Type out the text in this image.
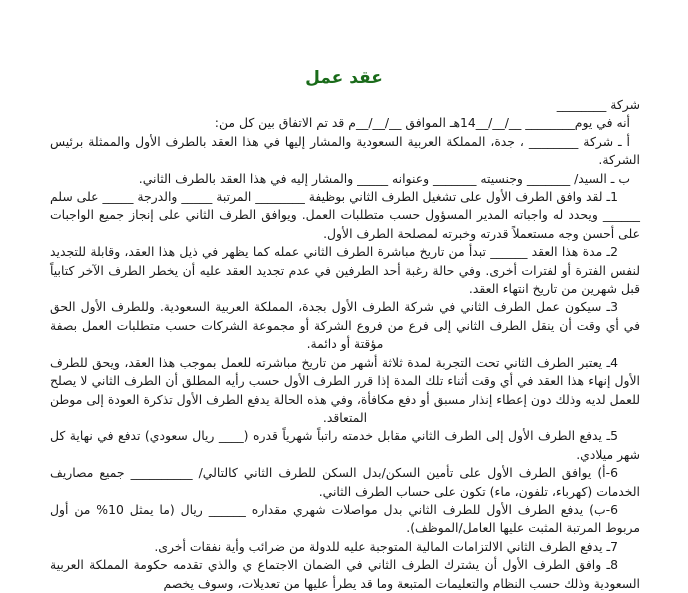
عقد عمل

شركة ________

أنه في يوم________ __/__/__14هـ الموافق __/__/__م قد تم الاتفاق بين كل من:

أ ـ شركة ________ ، جدة، المملكة العربية السعودية والمشار إليها في هذا العقد بالطرف الأول والممثلة برئيس الشركة.

ب ـ السيد/ _______ وجنسيته _______ وعنوانه _____ والمشار إليه في هذا العقد بالطرف الثاني.

1ـ لقد وافق الطرف الأول على تشغيل الطرف الثاني بوظيفة ________ المرتبة _____ والدرجة _____ على سلم ______ ويحدد له واجباته المدير المسؤول حسب متطلبات العمل. ويوافق الطرف الثاني على إنجاز جميع الواجبات على أحسن وجه مستعملاً قدرته وخبرته لمصلحة الطرف الأول.

2ـ مدة هذا العقد ______ تبدأ من تاريخ مباشرة الطرف الثاني عمله كما يظهر في ذيل هذا العقد، وقابلة للتجديد لنفس الفترة أو لفترات أخرى. وفي حالة رغبة أحد الطرفين في عدم تجديد العقد عليه أن يخطر الطرف الآخر كتابياً قبل شهرين من تاريخ انتهاء العقد.

3ـ سيكون عمل الطرف الثاني في شركة الطرف الأول بجدة، المملكة العربية السعودية. وللطرف الأول الحق في أي وقت أن ينقل الطرف الثاني إلى فرع من فروع الشركة أو مجموعة الشركات حسب متطلبات العمل بصفة مؤقتة أو دائمة.

4ـ يعتبر الطرف الثاني تحت التجربة لمدة ثلاثة أشهر من تاريخ مباشرته للعمل بموجب هذا العقد، ويحق للطرف الأول إنهاء هذا العقد في أي وقت أثناء تلك المدة إذا قرر الطرف الأول حسب رأيه المطلق أن الطرف الثاني لا يصلح للعمل لديه وذلك دون إعطاء إنذار مسبق أو دفع مكافأة، وفي هذه الحالة يدفع الطرف الأول تذكرة العودة إلى موطن المتعاقد.

5ـ يدفع الطرف الأول إلى الطرف الثاني مقابل خدمته راتباً شهرياً قدره (____ ريال سعودي) تدفع في نهاية كل شهر ميلادي.

6-أ) يوافق الطرف الأول على تأمين السكن/بدل السكن للطرف الثاني كالتالي/ __________ جميع مصاريف الخدمات (كهرباء، تلفون، ماء) تكون على حساب الطرف الثاني.

6-ب) يدفع الطرف الأول للطرف الثاني بدل مواصلات شهري مقداره ______ ريال (ما يمثل 10% من أول مربوط المرتبة المثبت عليها العامل/الموظف).

7ـ يدفع الطرف الثاني الالتزامات المالية المتوجبة عليه للدولة من ضرائب وأية نفقات أخرى.

8ـ وافق الطرف الأول أن يشترك الطرف الثاني في الضمان الاجتماع ي والذي تقدمه حكومة المملكة العربية السعودية وذلك حسب النظام والتعليمات المتبعة وما قد يطرأ عليها من تعديلات، وسوف يخصم
